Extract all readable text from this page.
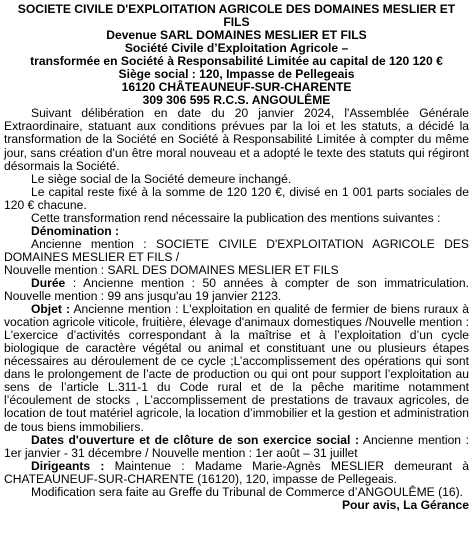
SOCIETE CIVILE D'EXPLOITATION AGRICOLE DES DOMAINES MESLIER ET FILS

Devenue SARL DOMAINES MESLIER ET FILS

Société Civile d’Exploitation Agricole –

transformée en Société à Responsabilité Limitée au capital de 120 120 €

Siège social : 120, Impasse de Pellegeais

16120 CHÂTEAUNEUF-SUR-CHARENTE

309 306 595 R.C.S. ANGOULÊME

Suivant délibération en date du 20 janvier 2024, l'Assemblée Générale Extraordinaire, statuant aux conditions prévues par la loi et les statuts, a décidé la transformation de la Société en Société à Responsabilité Limitée à compter du même jour, sans création d'un être moral nouveau et a adopté le texte des statuts qui régiront désormais la Société.

Le siège social de la Société demeure inchangé.

Le capital reste fixé à la somme de 120 120 €, divisé en 1 001 parts sociales de 120 € chacune.

Cette transformation rend nécessaire la publication des mentions suivantes :

Dénomination :

Ancienne mention : SOCIETE CIVILE D'EXPLOITATION AGRICOLE DES DOMAINES MESLIER ET FILS /

Nouvelle mention : SARL DES DOMAINES MESLIER ET FILS

Durée : Ancienne mention : 50 années à compter de son immatriculation. Nouvelle mention : 99 ans jusqu'au 19 janvier 2123.

Objet : Ancienne mention : L'exploitation en qualité de fermier de biens ruraux à vocation agricole viticole, fruitière, élevage d'animaux domestiques /Nouvelle mention : L'exercice d’activités correspondant à la maîtrise et à l’exploitation d’un cycle biologique de caractère végétal ou animal et constituant une ou plusieurs étapes nécessaires au déroulement de ce cycle ;L’accomplissement des opérations qui sont dans le prolongement de l’acte de production ou qui ont pour support l’exploitation au sens de l’article L.311-1 du Code rural et de la pêche maritime notamment l’écoulement de stocks , L’accomplissement de prestations de travaux agricoles, de location de tout matériel agricole, la location d’immobilier et la gestion et administration de tous biens immobiliers.

Dates d'ouverture et de clôture de son exercice social : Ancienne mention : 1er janvier - 31 décembre / Nouvelle mention : 1er août – 31 juillet

Dirigeants : Maintenue : Madame Marie-Agnès MESLIER demeurant à CHATEAUNEUF-SUR-CHARENTE (16120), 120, impasse de Pellegeais.

Modification sera faite au Greffe du Tribunal de Commerce d’ANGOULÊME (16).

Pour avis, La Gérance
